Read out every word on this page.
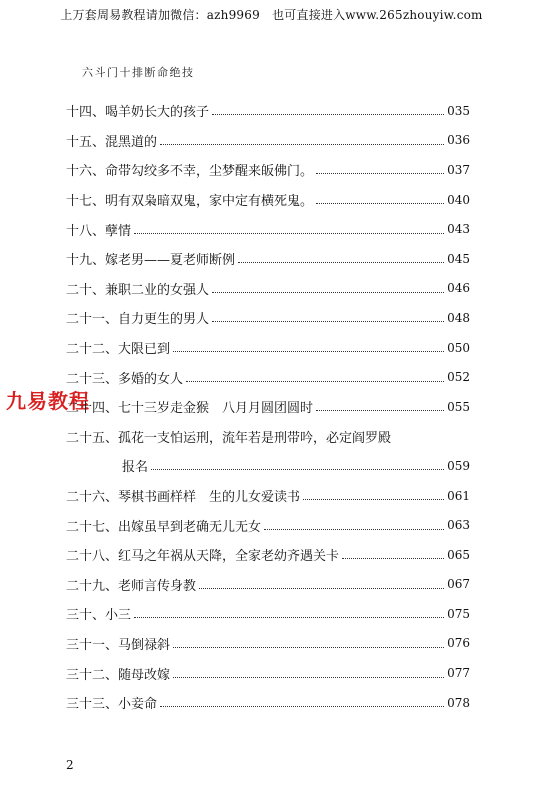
上万套周易教程请加微信：azh9969　也可直接进入www.265zhouyiw.com
六斗门十排断命绝技
九易教程
十四、喝羊奶长大的孩子	035
十五、混黑道的	036
十六、命带勾绞多不幸，尘梦醒来皈佛门。	037
十七、明有双枭暗双鬼，家中定有横死鬼。	040
十八、孽情	043
十九、嫁老男——夏老师断例	045
二十、兼职二业的女强人	046
二十一、自力更生的男人	048
二十二、大限已到	050
二十三、多婚的女人	052
二十四、七十三岁走金猴　八月月圆团圆时	055
二十五、孤花一支怕运刑，流年若是刑带吟，必定阎罗殿
报名	059
二十六、琴棋书画样样　生的儿女爱读书	061
二十七、出嫁虽早到老确无儿无女	063
二十八、红马之年祸从天降，全家老幼齐遇关卡	065
二十九、老师言传身教	067
三十、小三	075
三十一、马倒禄斜	076
三十二、随母改嫁	077
三十三、小妾命	078
2
